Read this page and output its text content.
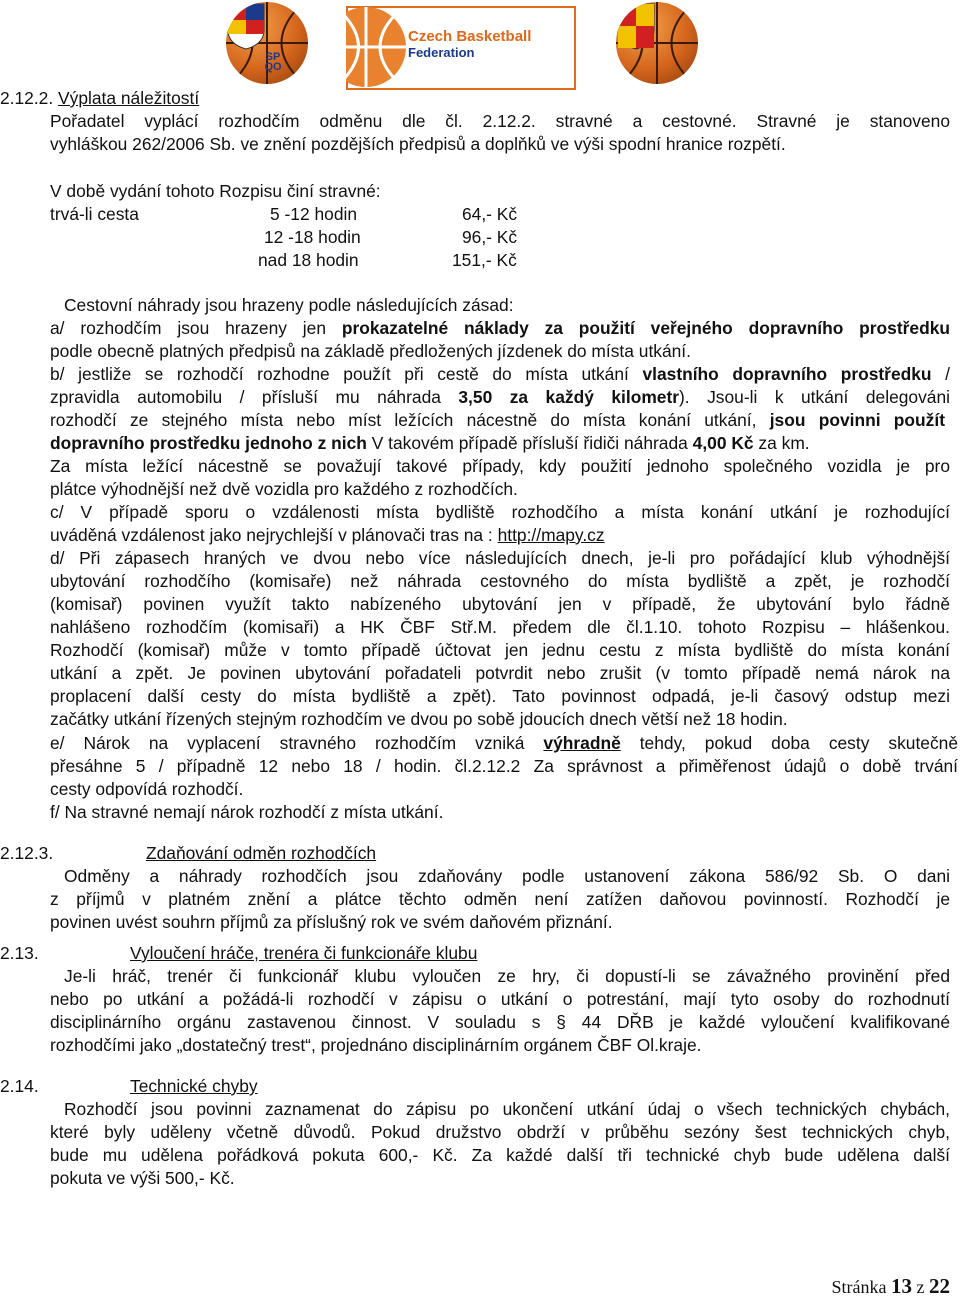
SP
QO
Czech Basketball
Federation
2.12.2. Výplata náležitostí
Pořadatel vyplácí rozhodčím odměnu dle čl. 2.12.2. stravné a cestovné. Stravné je stanoveno
vyhláškou 262/2006 Sb. ve znění pozdějších předpisů a doplňků ve výši spodní hranice rozpětí.
V době vydání tohoto Rozpisu činí stravné:
trvá-li cesta	5 -12 hodin	64,- Kč
12 -18 hodin	96,- Kč
nad 18 hodin	151,- Kč
Cestovní náhrady jsou hrazeny podle následujících zásad:
a/ rozhodčím jsou hrazeny jen prokazatelné náklady za použití veřejného dopravního prostředku
podle obecně platných předpisů na základě předložených jízdenek do místa utkání.
b/ jestliže se rozhodčí rozhodne použít při cestě do místa utkání vlastního dopravního prostředku /
zpravidla automobilu / přísluší mu náhrada 3,50 za každý kilometr). Jsou-li k utkání delegováni
rozhodčí ze stejného místa nebo míst ležících nácestně do místa konání utkání, jsou povinni použít
dopravního prostředku jednoho z nich V takovém případě přísluší řidiči náhrada 4,00 Kč za km.
Za místa ležící nácestně se považují takové případy, kdy použití jednoho společného vozidla je pro
plátce výhodnější než dvě vozidla pro každého z rozhodčích.
c/ V případě sporu o vzdálenosti místa bydliště rozhodčího a místa konání utkání je rozhodující
uváděná vzdálenost jako nejrychlejší v plánovači tras na : http://mapy.cz
d/ Při zápasech hraných ve dvou nebo více následujících dnech, je-li pro pořádající klub výhodnější
ubytování rozhodčího (komisaře) než náhrada cestovného do místa bydliště a zpět, je rozhodčí
(komisař) povinen využít takto nabízeného ubytování jen v případě, že ubytování bylo řádně
nahlášeno rozhodčím (komisaři) a HK ČBF Stř.M. předem dle čl.1.10. tohoto Rozpisu – hlášenkou.
Rozhodčí (komisař) může v tomto případě účtovat jen jednu cestu z místa bydliště do místa konání
utkání a zpět. Je povinen ubytování pořadateli potvrdit nebo zrušit (v tomto případě nemá nárok na
proplacení další cesty do místa bydliště a zpět). Tato povinnost odpadá, je-li časový odstup mezi
začátky utkání řízených stejným rozhodčím ve dvou po sobě jdoucích dnech větší než 18 hodin.
e/ Nárok na vyplacení stravného rozhodčím vzniká výhradně tehdy, pokud doba cesty skutečně
přesáhne 5 / případně 12 nebo 18 / hodin. čl.2.12.2 Za správnost a přiměřenost údajů o době trvání
cesty odpovídá rozhodčí.
f/ Na stravné nemají nárok rozhodčí z místa utkání.
2.12.3.	Zdaňování odměn rozhodčích
Odměny a náhrady rozhodčích jsou zdaňovány podle ustanovení zákona 586/92 Sb. O dani
z příjmů v platném znění a plátce těchto odměn není zatížen daňovou povinností. Rozhodčí je
povinen uvést souhrn příjmů za příslušný rok ve svém daňovém přiznání.
2.13.	Vyloučení hráče, trenéra či funkcionáře klubu
Je-li hráč, trenér či funkcionář klubu vyloučen ze hry, či dopustí-li se závažného provinění před
nebo po utkání a požádá-li rozhodčí v zápisu o utkání o potrestání, mají tyto osoby do rozhodnutí
disciplinárního orgánu zastavenou činnost. V souladu s § 44 DŘB je každé vyloučení kvalifikované
rozhodčími jako „dostatečný trest“, projednáno disciplinárním orgánem ČBF Ol.kraje.
2.14.	Technické chyby
Rozhodčí jsou povinni zaznamenat do zápisu po ukončení utkání údaj o všech technických chybách,
které byly uděleny včetně důvodů. Pokud družstvo obdrží v průběhu sezóny šest technických chyb,
bude mu udělena pořádková pokuta 600,- Kč. Za každé další tři technické chyb bude udělena další
pokuta ve výši 500,- Kč.
Stránka 13 z 22
